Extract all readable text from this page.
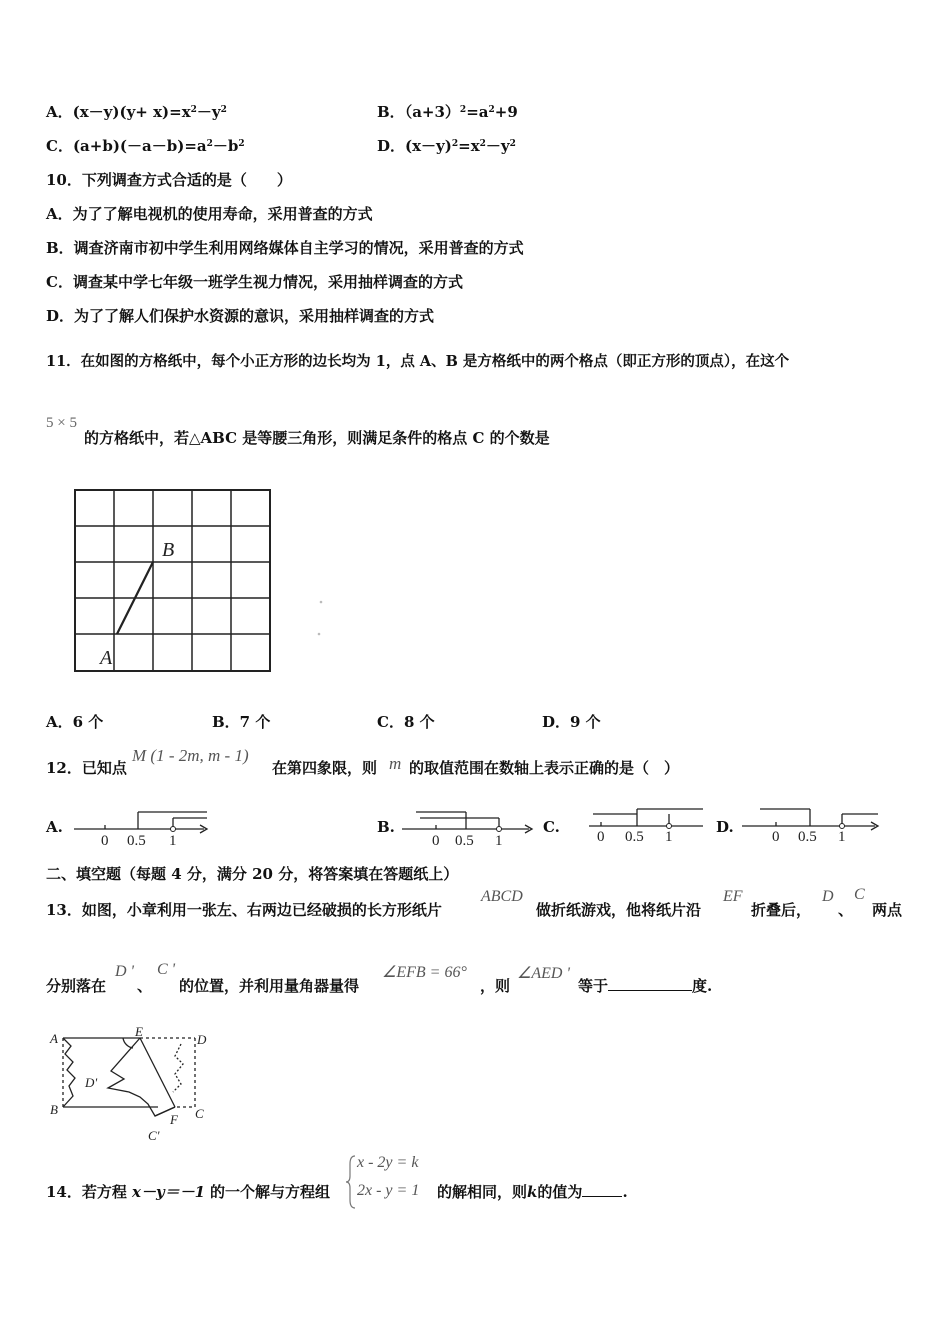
A．$(x-y)(y+ x)=x^2-y^2$	B．$(a+3)^2=a^2+9$
C．$(a+b)(-a-b)=a^2-b^2$	D．$(x-y)^2=x^2-y^2$
10．下列调查方式合适的是（　　）
A．为了了解电视机的使用寿命，采用普查的方式
B．调查济南市初中学生利用网络媒体自主学习的情况，采用普查的方式
C．调查某中学七年级一班学生视力情况，采用抽样调查的方式
D．为了了解人们保护水资源的意识，采用抽样调查的方式
11．在如图的方格纸中，每个小正方形的边长均为 1，点 A、B 是方格纸中的两个格点（即正方形的顶点），在这个
5 × 5
的方格纸中，若△ABC 是等腰三角形，则满足条件的格点 C 的个数是
A
B
A．6 个	B．7 个	C．8 个	D．9 个
12．已知点
M (1 - 2m, m - 1)
在第四象限，则 m 的取值范围在数轴上表示正确的是（　）
A.
0 0.5 1
B.
0 0.5 1
C.
0 0.5 1
D.
0 0.5 1
二、填空题（每题 4 分，满分 20 分，将答案填在答题纸上）
13．如图，小章利用一张左、右两边已经破损的长方形纸片
ABCD
做折纸游戏，他将纸片沿
EF
折叠后，
D
、
C
两点
分别落在
D '
、
C '
的位置，并利用量角器量得
∠EFB = 66°
，则
∠AED '
等于	度.
A
B	C
D
E
F
D'
C'
14．若方程 x－y＝－1 的一个解与方程组
x - 2y = k
2x - y = 1 的解相同，则k的值为	.
